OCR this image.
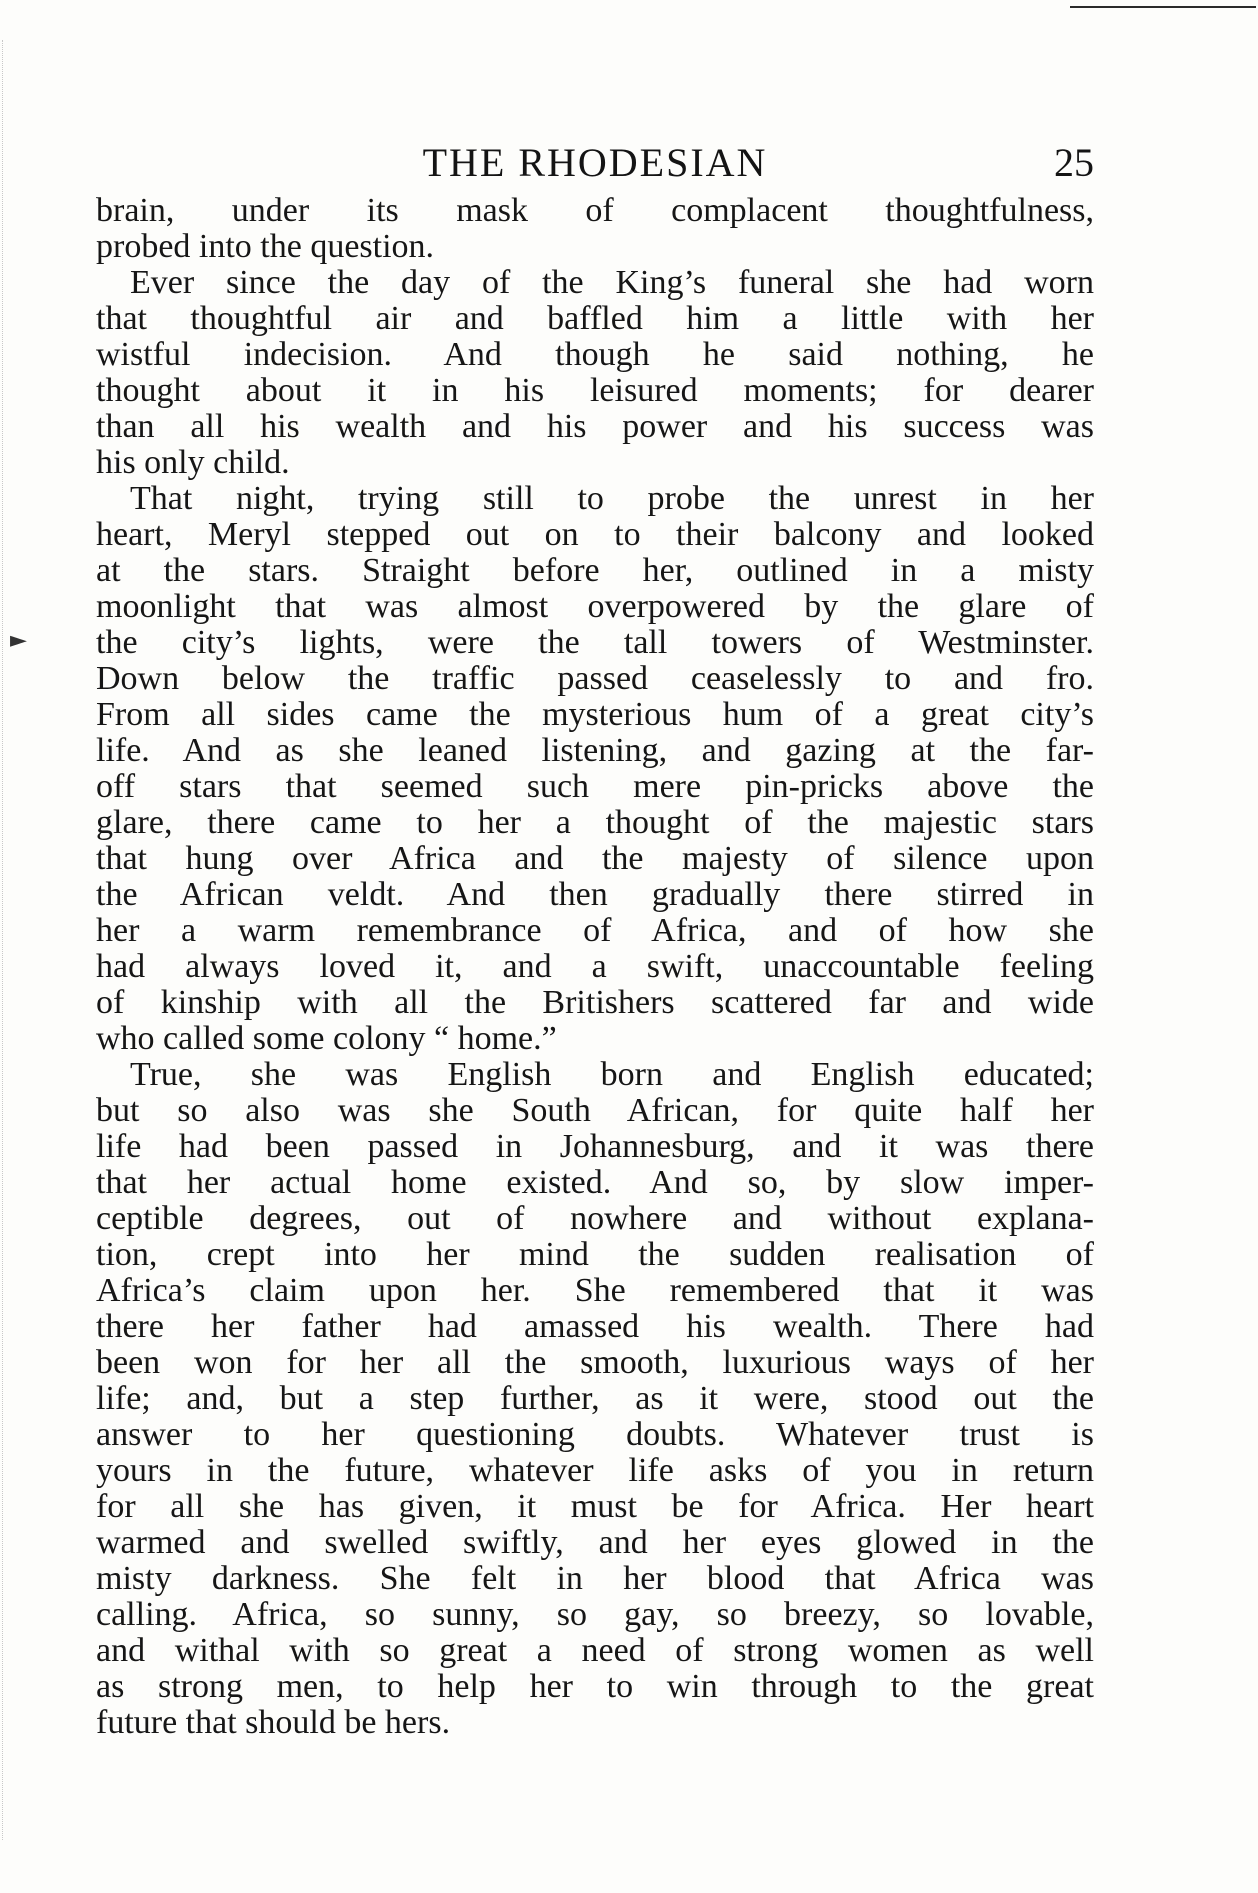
►
THE RHODESIAN	25
brain, under its mask of complacent thoughtfulness,
probed into the question.
Ever since the day of the King’s funeral she had worn
that thoughtful air and baffled him a little with her
wistful indecision. And though he said nothing, he
thought about it in his leisured moments; for dearer
than all his wealth and his power and his success was
his only child.
That night, trying still to probe the unrest in her
heart, Meryl stepped out on to their balcony and looked
at the stars. Straight before her, outlined in a misty
moonlight that was almost overpowered by the glare of
the city’s lights, were the tall towers of Westminster.
Down below the traffic passed ceaselessly to and fro.
From all sides came the mysterious hum of a great city’s
life. And as she leaned listening, and gazing at the far-
off stars that seemed such mere pin-pricks above the
glare, there came to her a thought of the majestic stars
that hung over Africa and the majesty of silence upon
the African veldt. And then gradually there stirred in
her a warm remembrance of Africa, and of how she
had always loved it, and a swift, unaccountable feeling
of kinship with all the Britishers scattered far and wide
who called some colony “ home.”
True, she was English born and English educated;
but so also was she South African, for quite half her
life had been passed in Johannesburg, and it was there
that her actual home existed. And so, by slow imper-
ceptible degrees, out of nowhere and without explana-
tion, crept into her mind the sudden realisation of
Africa’s claim upon her. She remembered that it was
there her father had amassed his wealth. There had
been won for her all the smooth, luxurious ways of her
life; and, but a step further, as it were, stood out the
answer to her questioning doubts. Whatever trust is
yours in the future, whatever life asks of you in return
for all she has given, it must be for Africa. Her heart
warmed and swelled swiftly, and her eyes glowed in the
misty darkness. She felt in her blood that Africa was
calling. Africa, so sunny, so gay, so breezy, so lovable,
and withal with so great a need of strong women as well
as strong men, to help her to win through to the great
future that should be hers.
